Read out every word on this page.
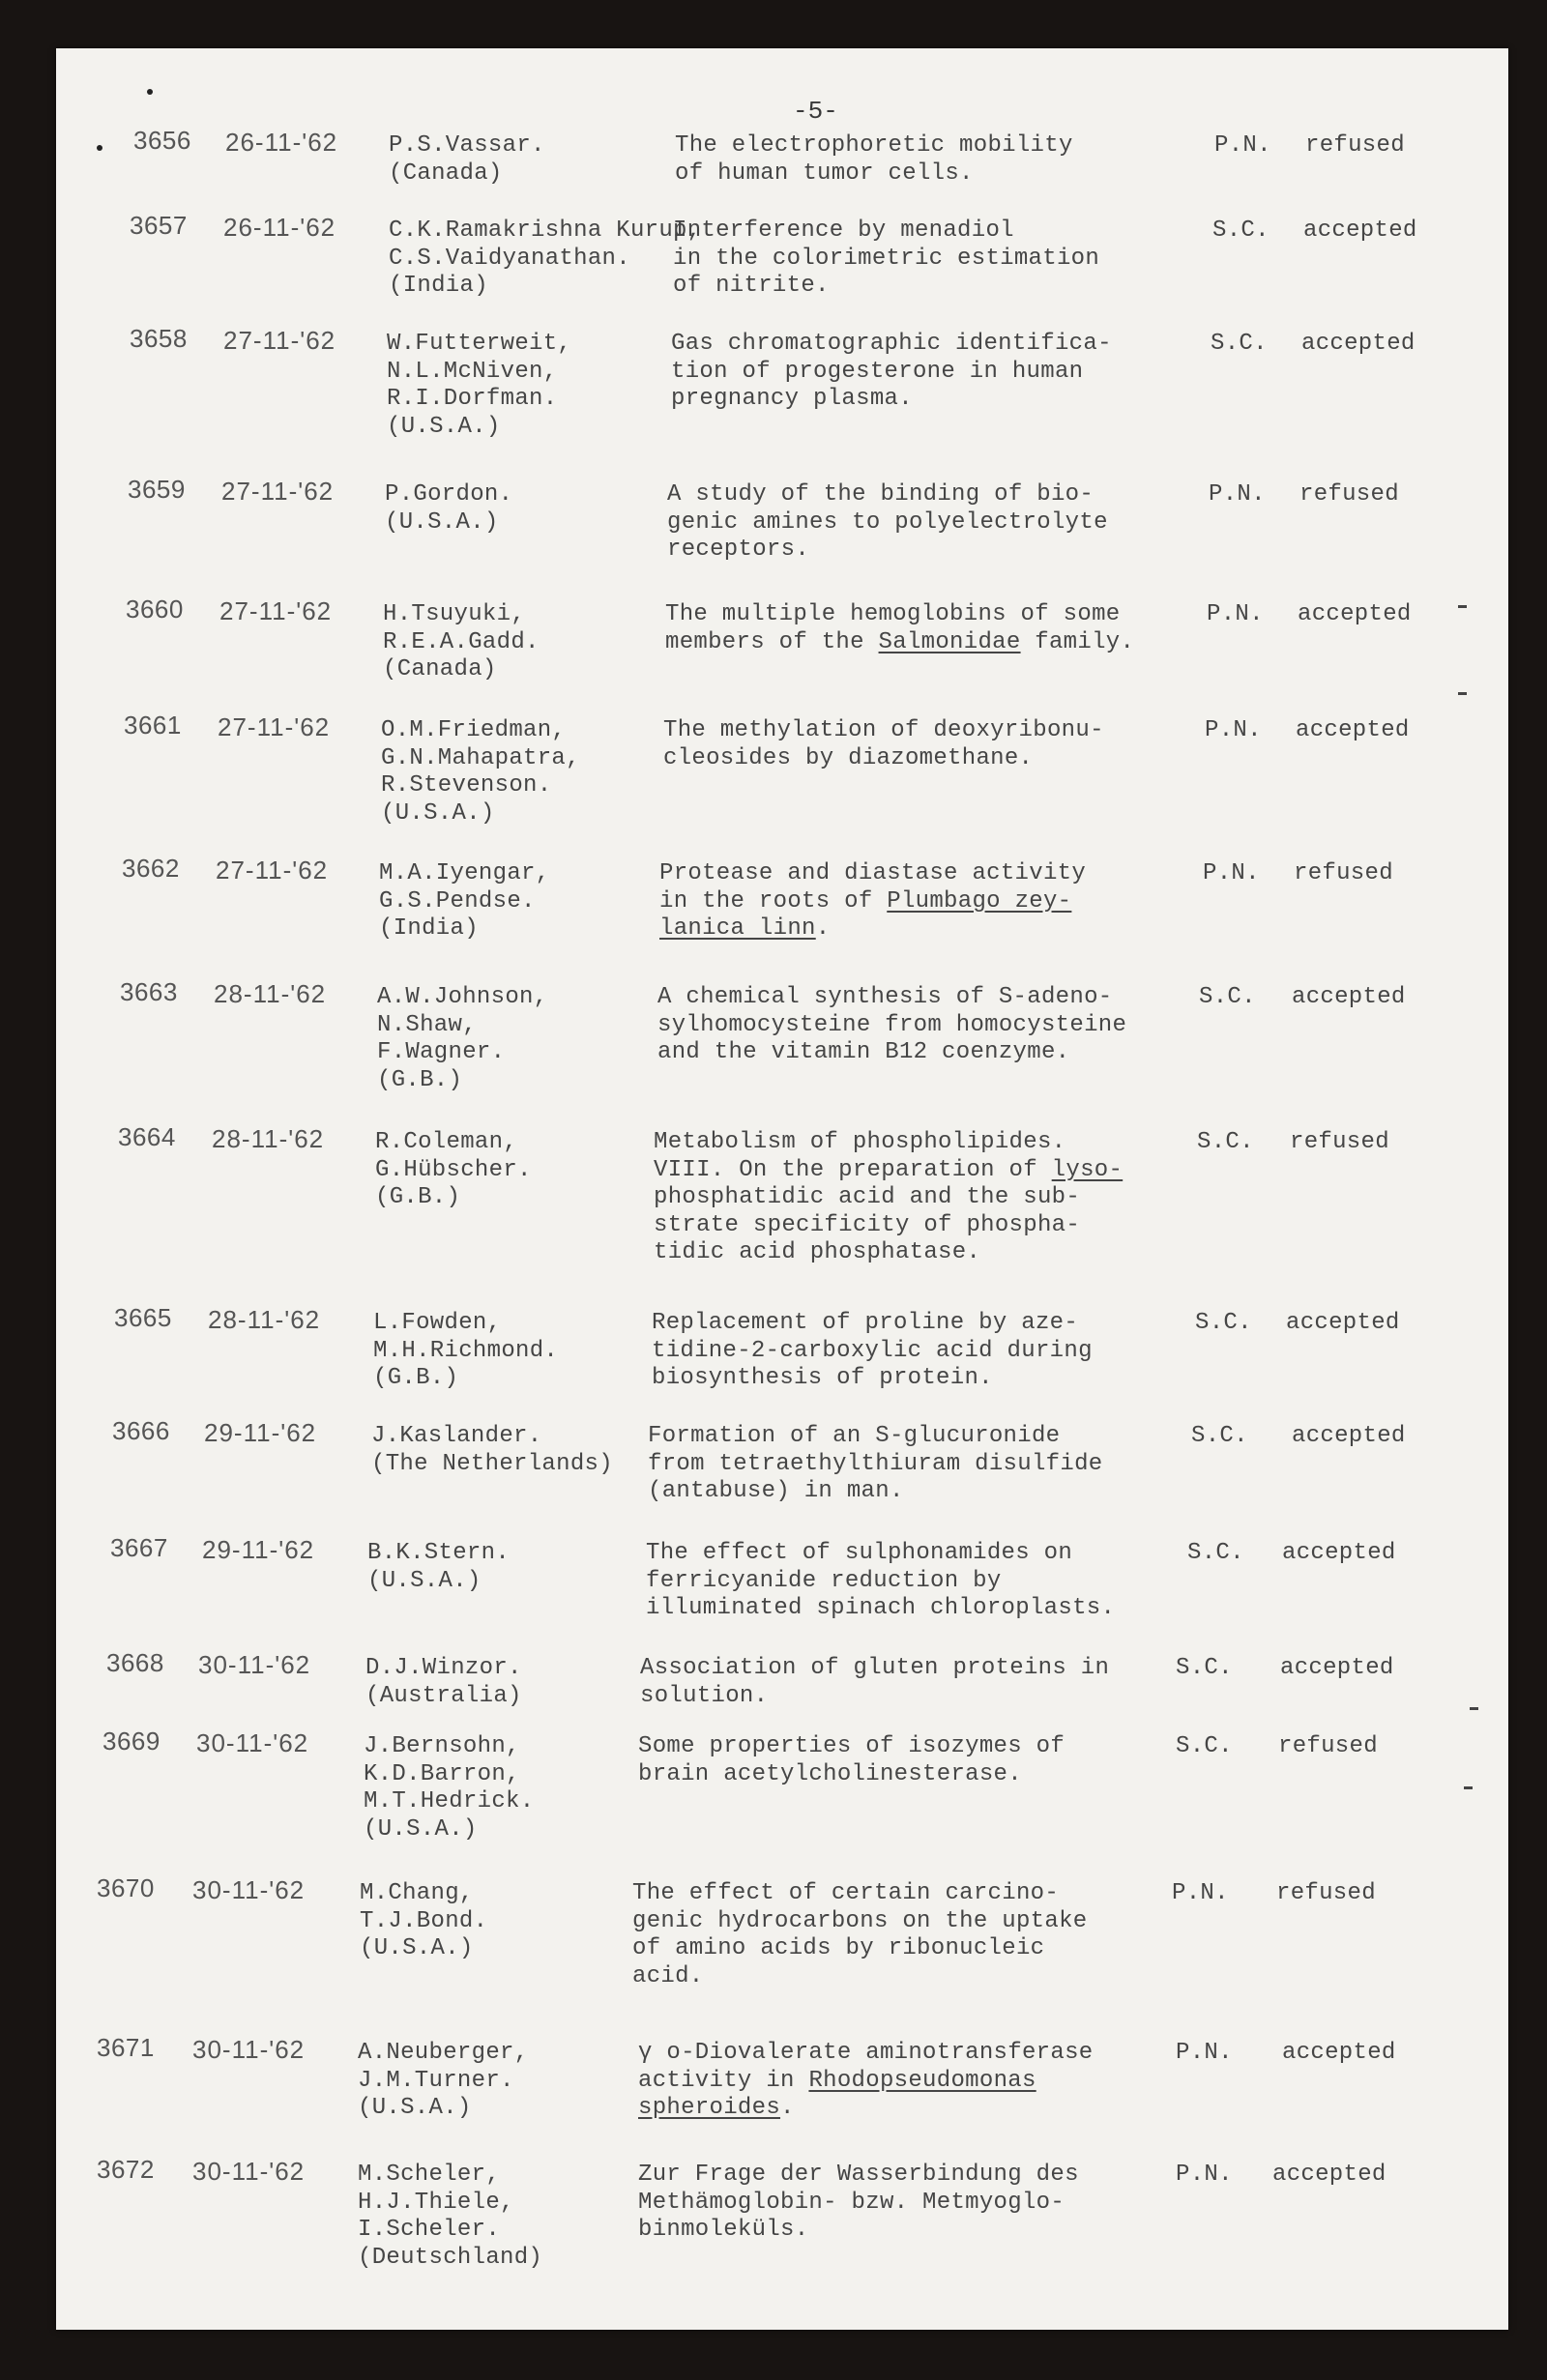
-5-
3656 26-11-'62 P.S.Vassar.
(Canada)
The electrophoretic mobility
of human tumor cells.
P.N. refused
3657 26-11-'62 C.K.Ramakrishna Kurup,
C.S.Vaidyanathan.
(India)
Interference by menadiol
in the colorimetric estimation
of nitrite.
S.C. accepted
3658 27-11-'62 W.Futterweit,
N.L.McNiven,
R.I.Dorfman.
(U.S.A.)
Gas chromatographic identifica-
tion of progesterone in human
pregnancy plasma.
S.C. accepted
3659 27-11-'62 P.Gordon.
(U.S.A.)
A study of the binding of bio-
genic amines to polyelectrolyte
receptors.
P.N. refused
3660 27-11-'62 H.Tsuyuki,
R.E.A.Gadd.
(Canada)
The multiple hemoglobins of some
members of the Salmonidae family.
P.N. accepted
3661 27-11-'62 O.M.Friedman,
G.N.Mahapatra,
R.Stevenson.
(U.S.A.)
The methylation of deoxyribonu-
cleosides by diazomethane.
P.N. accepted
3662 27-11-'62 M.A.Iyengar,
G.S.Pendse.
(India)
Protease and diastase activity
in the roots of Plumbago zey-
lanica linn.
P.N. refused
3663 28-11-'62 A.W.Johnson,
N.Shaw,
F.Wagner.
(G.B.)
A chemical synthesis of S-adeno-
sylhomocysteine from homocysteine
and the vitamin B12 coenzyme.
S.C. accepted
3664 28-11-'62 R.Coleman,
G.Hübscher.
(G.B.)
Metabolism of phospholipides.
VIII. On the preparation of lyso-
phosphatidic acid and the sub-
strate specificity of phospha-
tidic acid phosphatase.
S.C. refused
3665 28-11-'62 L.Fowden,
M.H.Richmond.
(G.B.)
Replacement of proline by aze-
tidine-2-carboxylic acid during
biosynthesis of protein.
S.C. accepted
3666 29-11-'62 J.Kaslander.
(The Netherlands)
Formation of an S-glucuronide
from tetraethylthiuram disulfide
(antabuse) in man.
S.C. accepted
3667 29-11-'62 B.K.Stern.
(U.S.A.)
The effect of sulphonamides on
ferricyanide reduction by
illuminated spinach chloroplasts.
S.C. accepted
3668 30-11-'62 D.J.Winzor.
(Australia)
Association of gluten proteins in
solution.
S.C. accepted
3669 30-11-'62 J.Bernsohn,
K.D.Barron,
M.T.Hedrick.
(U.S.A.)
Some properties of isozymes of
brain acetylcholinesterase.
S.C. refused
3670 30-11-'62 M.Chang,
T.J.Bond.
(U.S.A.)
The effect of certain carcino-
genic hydrocarbons on the uptake
of amino acids by ribonucleic
acid.
P.N. refused
3671 30-11-'62 A.Neuberger,
J.M.Turner.
(U.S.A.)
γ o-Diovalerate aminotransferase
activity in Rhodopseudomonas
spheroides.
P.N. accepted
3672 30-11-'62 M.Scheler,
H.J.Thiele,
I.Scheler.
(Deutschland)
Zur Frage der Wasserbindung des
Methämoglobin- bzw. Metmyoglo-
binmoleküls.
P.N. accepted
